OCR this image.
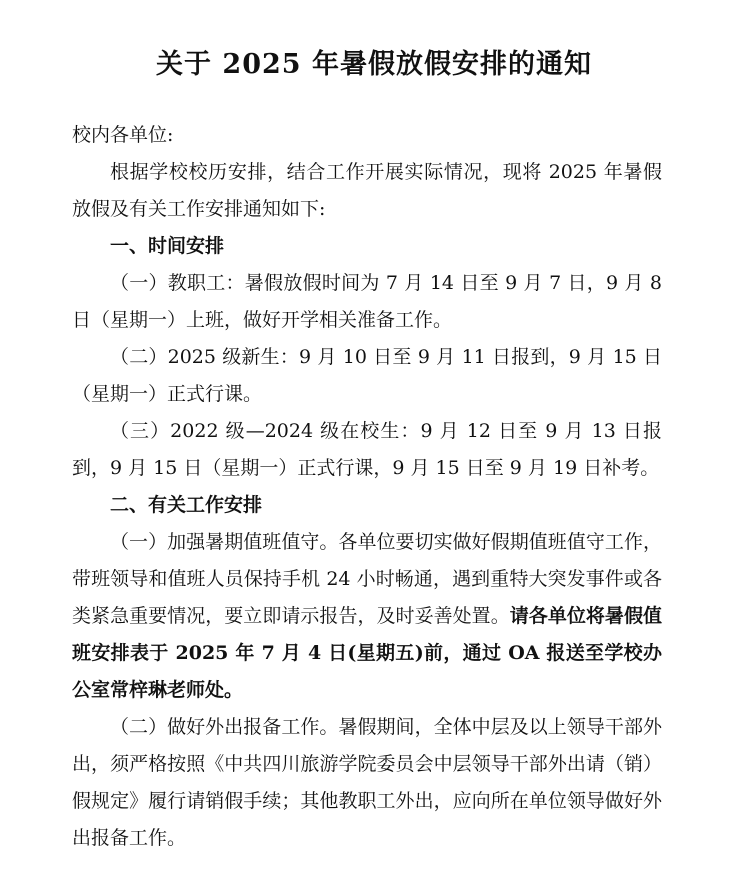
关于 2025 年暑假放假安排的通知

校内各单位:

根据学校校历安排，结合工作开展实际情况，现将 2025 年暑假放假及有关工作安排通知如下:

一、时间安排

（一）教职工：暑假放假时间为 7 月 14 日至 9 月 7 日，9 月 8 日（星期一）上班，做好开学相关准备工作。

（二）2025 级新生：9 月 10 日至 9 月 11 日报到，9 月 15 日（星期一）正式行课。

（三）2022 级—2024 级在校生：9 月 12 日至 9 月 13 日报到，9 月 15 日（星期一）正式行课，9 月 15 日至 9 月 19 日补考。

二、有关工作安排

（一）加强暑期值班值守。各单位要切实做好假期值班值守工作，带班领导和值班人员保持手机 24 小时畅通，遇到重特大突发事件或各类紧急重要情况，要立即请示报告，及时妥善处置。请各单位将暑假值班安排表于 2025 年 7 月 4 日(星期五)前，通过 OA 报送至学校办公室常梓琳老师处。

（二）做好外出报备工作。暑假期间，全体中层及以上领导干部外出，须严格按照《中共四川旅游学院委员会中层领导干部外出请（销）假规定》履行请销假手续；其他教职工外出，应向所在单位领导做好外出报备工作。
